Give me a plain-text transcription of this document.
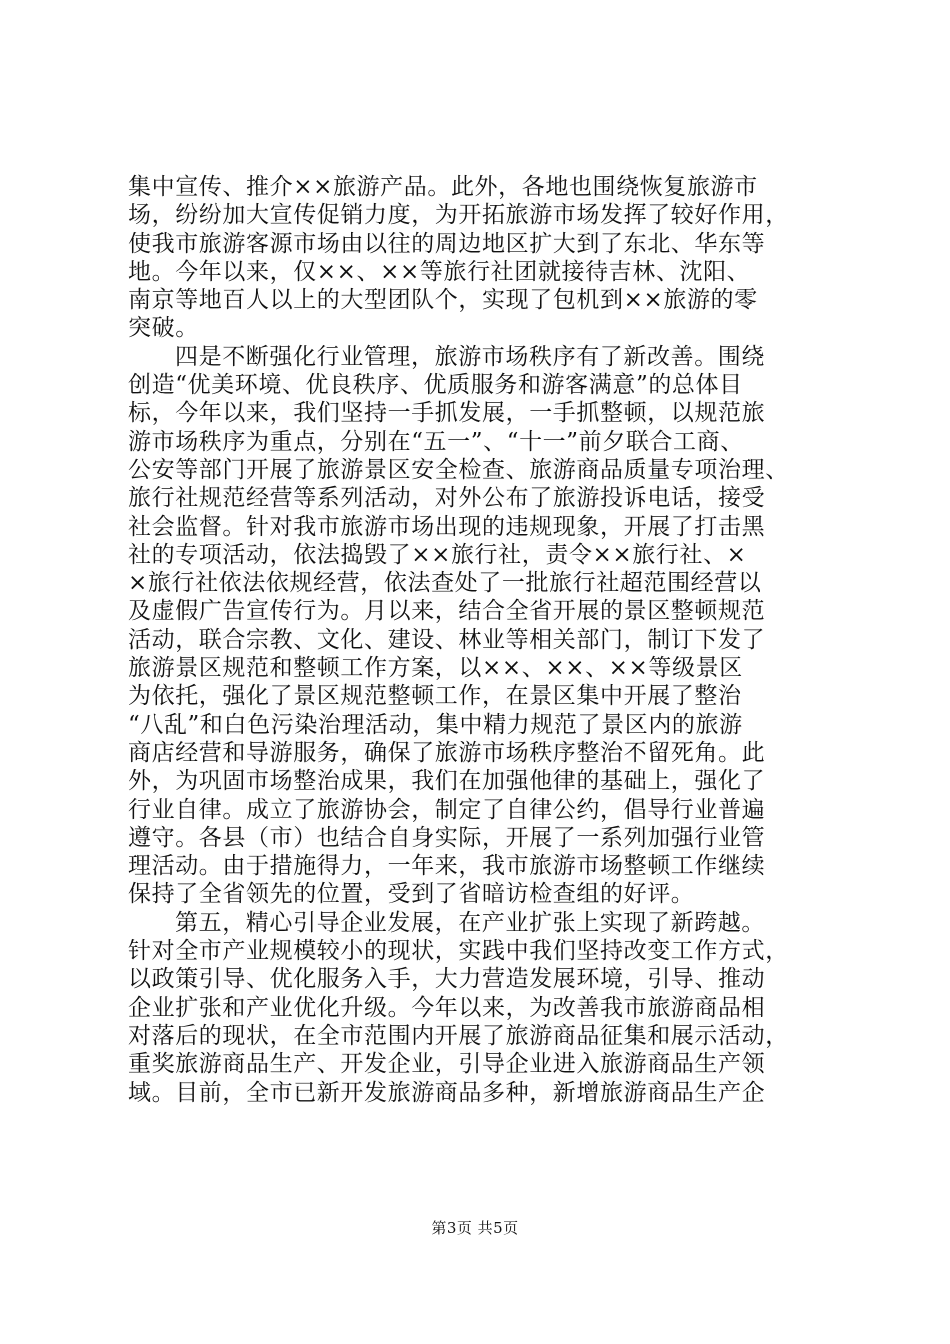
集中宣传、推介××旅游产品。此外，各地也围绕恢复旅游市
场，纷纷加大宣传促销力度，为开拓旅游市场发挥了较好作用，
使我市旅游客源市场由以往的周边地区扩大到了东北、华东等
地。今年以来，仅××、××等旅行社团就接待吉林、沈阳、
南京等地百人以上的大型团队个，实现了包机到××旅游的零
突破。
四是不断强化行业管理，旅游市场秩序有了新改善。围绕
创造“优美环境、优良秩序、优质服务和游客满意”的总体目
标，今年以来，我们坚持一手抓发展，一手抓整顿，以规范旅
游市场秩序为重点，分别在“五一”、“十一”前夕联合工商、
公安等部门开展了旅游景区安全检查、旅游商品质量专项治理、
旅行社规范经营等系列活动，对外公布了旅游投诉电话，接受
社会监督。针对我市旅游市场出现的违规现象，开展了打击黑
社的专项活动，依法捣毁了××旅行社，责令××旅行社、×
×旅行社依法依规经营，依法查处了一批旅行社超范围经营以
及虚假广告宣传行为。月以来，结合全省开展的景区整顿规范
活动，联合宗教、文化、建设、林业等相关部门，制订下发了
旅游景区规范和整顿工作方案，以××、××、××等级景区
为依托，强化了景区规范整顿工作，在景区集中开展了整治
“八乱”和白色污染治理活动，集中精力规范了景区内的旅游
商店经营和导游服务，确保了旅游市场秩序整治不留死角。此
外，为巩固市场整治成果，我们在加强他律的基础上，强化了
行业自律。成立了旅游协会，制定了自律公约，倡导行业普遍
遵守。各县（市）也结合自身实际，开展了一系列加强行业管
理活动。由于措施得力，一年来，我市旅游市场整顿工作继续
保持了全省领先的位置，受到了省暗访检查组的好评。
第五，精心引导企业发展，在产业扩张上实现了新跨越。
针对全市产业规模较小的现状，实践中我们坚持改变工作方式，
以政策引导、优化服务入手，大力营造发展环境，引导、推动
企业扩张和产业优化升级。今年以来，为改善我市旅游商品相
对落后的现状，在全市范围内开展了旅游商品征集和展示活动，
重奖旅游商品生产、开发企业，引导企业进入旅游商品生产领
域。目前，全市已新开发旅游商品多种，新增旅游商品生产企
第3页 共5页
